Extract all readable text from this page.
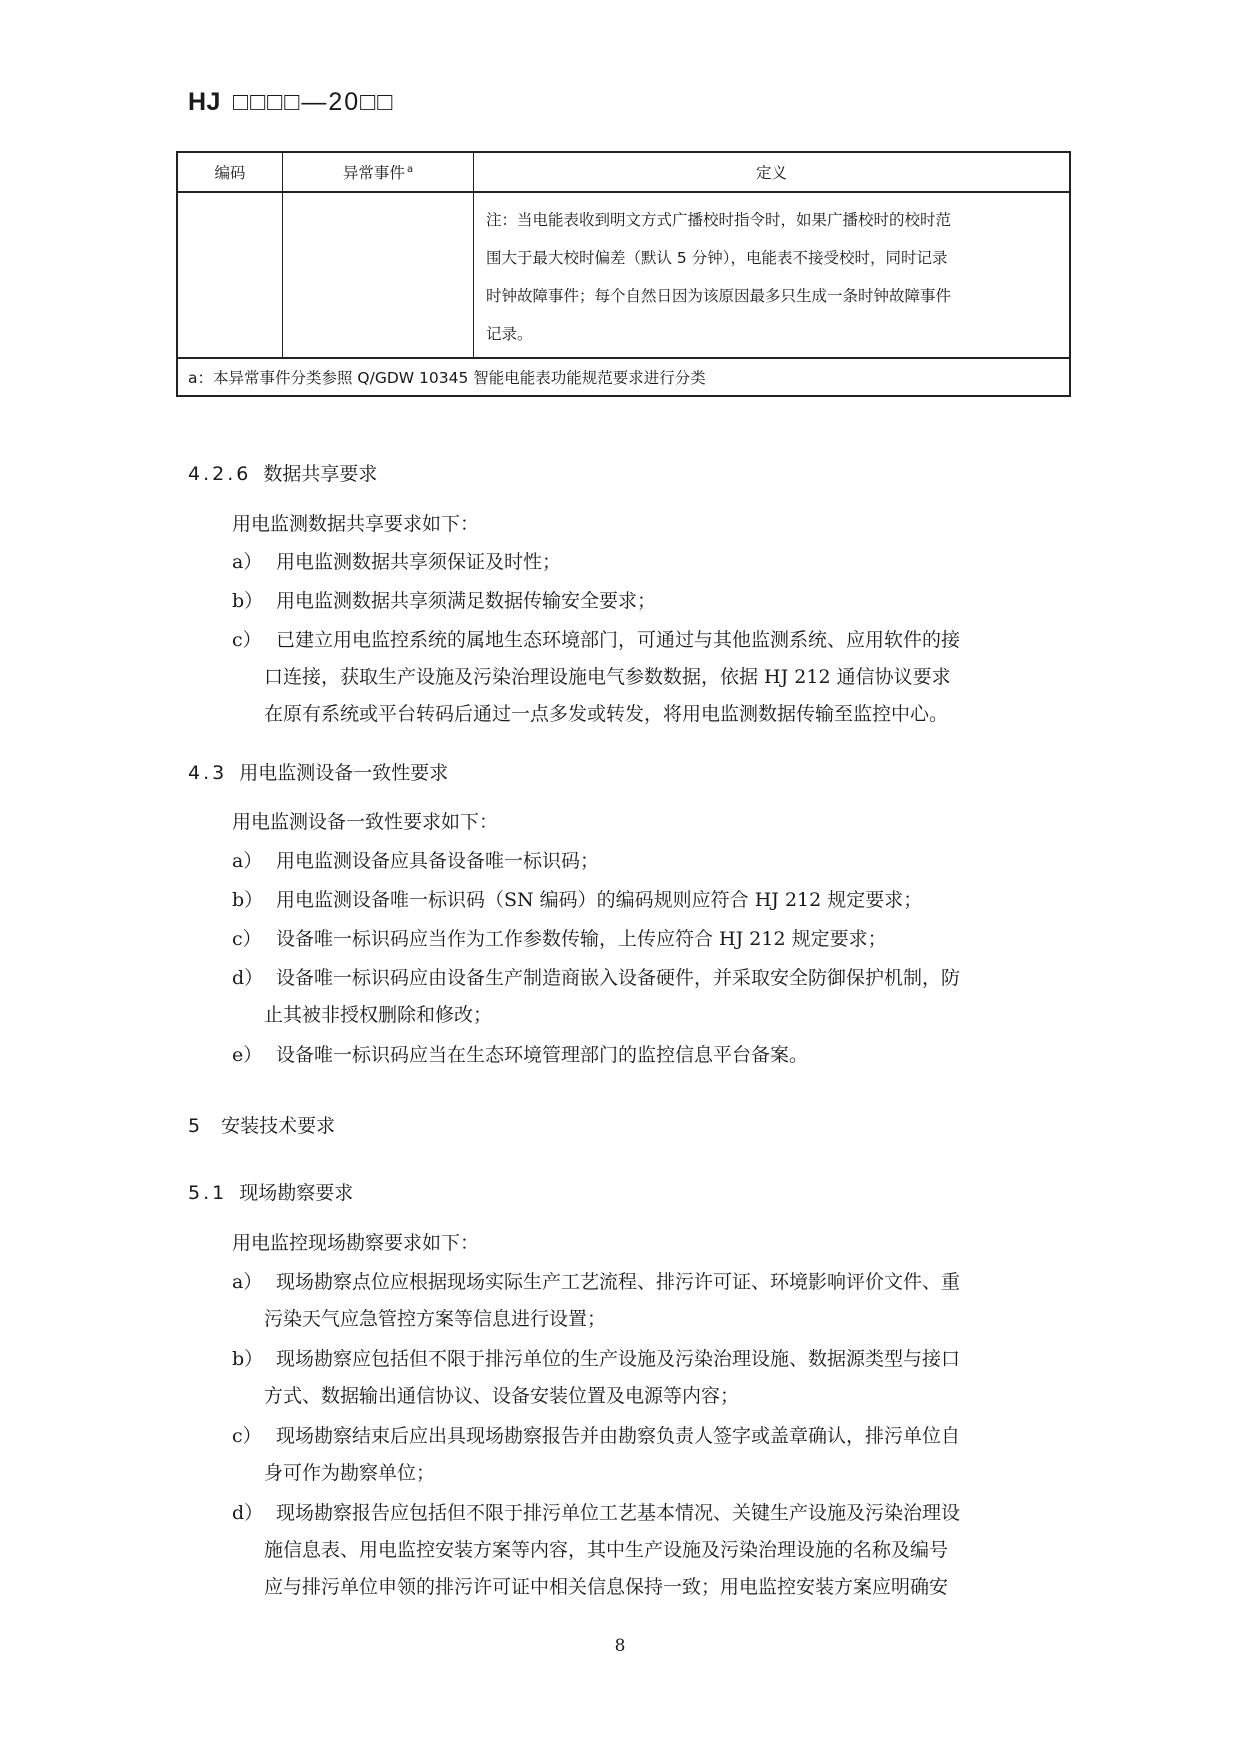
HJ □□□□—20□□
编码	异常事件 $^a$	定义

		注：当电能表收到明文方式广播校时指令时，如果广播校时的校时范
围大于最大校时偏差（默认 5 分钟），电能表不接受校时，同时记录
时钟故障事件；每个自然日因为该原因最多只生成一条时钟故障事件
记录。

a：本异常事件分类参照 Q/GDW 10345 智能电能表功能规范要求进行分类		
4.2.6 数据共享要求
用电监测数据共享要求如下：
a） 用电监测数据共享须保证及时性；
b） 用电监测数据共享须满足数据传输安全要求；
c） 已建立用电监控系统的属地生态环境部门，可通过与其他监测系统、应用软件的接
口连接，获取生产设施及污染治理设施电气参数数据，依据 HJ 212 通信协议要求
在原有系统或平台转码后通过一点多发或转发，将用电监测数据传输至监控中心。
4.3 用电监测设备一致性要求
用电监测设备一致性要求如下：
a） 用电监测设备应具备设备唯一标识码；
b） 用电监测设备唯一标识码（SN 编码）的编码规则应符合 HJ 212 规定要求；
c） 设备唯一标识码应当作为工作参数传输，上传应符合 HJ 212 规定要求；
d） 设备唯一标识码应由设备生产制造商嵌入设备硬件，并采取安全防御保护机制，防
止其被非授权删除和修改；
e） 设备唯一标识码应当在生态环境管理部门的监控信息平台备案。
5 安装技术要求
5.1 现场勘察要求
用电监控现场勘察要求如下：
a） 现场勘察点位应根据现场实际生产工艺流程、排污许可证、环境影响评价文件、重
污染天气应急管控方案等信息进行设置；
b） 现场勘察应包括但不限于排污单位的生产设施及污染治理设施、数据源类型与接口
方式、数据输出通信协议、设备安装位置及电源等内容；
c） 现场勘察结束后应出具现场勘察报告并由勘察负责人签字或盖章确认，排污单位自
身可作为勘察单位；
d） 现场勘察报告应包括但不限于排污单位工艺基本情况、关键生产设施及污染治理设
施信息表、用电监控安装方案等内容，其中生产设施及污染治理设施的名称及编号
应与排污单位申领的排污许可证中相关信息保持一致；用电监控安装方案应明确安
8
